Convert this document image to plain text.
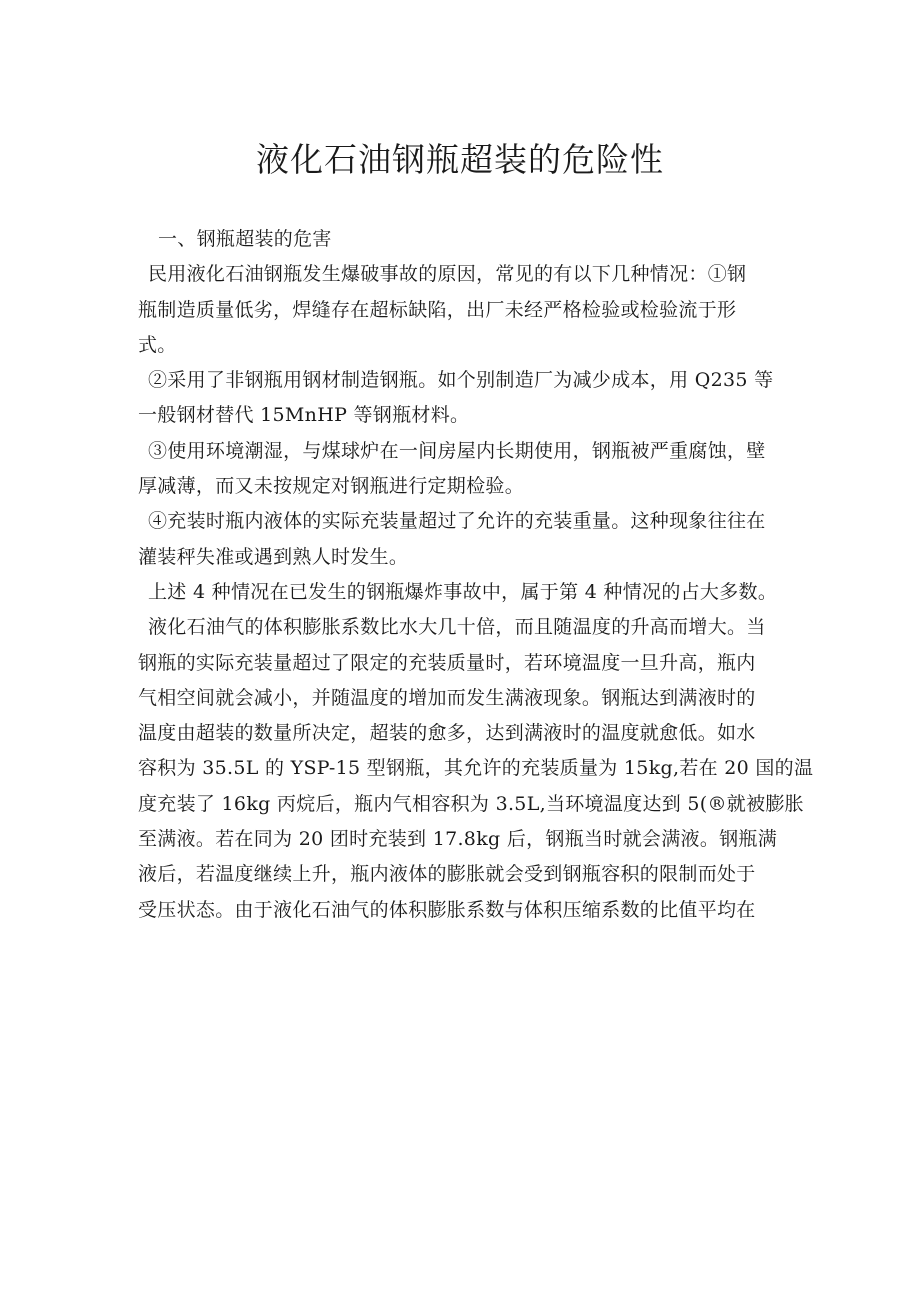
液化石油钢瓶超装的危险性
一、钢瓶超装的危害
民用液化石油钢瓶发生爆破事故的原因，常见的有以下几种情况：①钢
瓶制造质量低劣，焊缝存在超标缺陷，出厂未经严格检验或检验流于形
式。
②采用了非钢瓶用钢材制造钢瓶。如个别制造厂为减少成本，用 Q235 等
一般钢材替代 15MnHP 等钢瓶材料。
③使用环境潮湿，与煤球炉在一间房屋内长期使用，钢瓶被严重腐蚀，壁
厚减薄，而又未按规定对钢瓶进行定期检验。
④充装时瓶内液体的实际充装量超过了允许的充装重量。这种现象往往在
灌装秤失准或遇到熟人时发生。
上述 4 种情况在已发生的钢瓶爆炸事故中，属于第 4 种情况的占大多数。
液化石油气的体积膨胀系数比水大几十倍，而且随温度的升高而增大。当
钢瓶的实际充装量超过了限定的充装质量时，若环境温度一旦升高，瓶内
气相空间就会减小，并随温度的增加而发生满液现象。钢瓶达到满液时的
温度由超装的数量所决定，超装的愈多，达到满液时的温度就愈低。如水
容积为 35.5L 的 YSP-15 型钢瓶，其允许的充装质量为 15kg,若在 20 国的温
度充装了 16kg 丙烷后，瓶内气相容积为 3.5L,当环境温度达到 5(®就被膨胀
至满液。若在同为 20 团时充装到 17.8kg 后，钢瓶当时就会满液。钢瓶满
液后，若温度继续上升，瓶内液体的膨胀就会受到钢瓶容积的限制而处于
受压状态。由于液化石油气的体积膨胀系数与体积压缩系数的比值平均在
